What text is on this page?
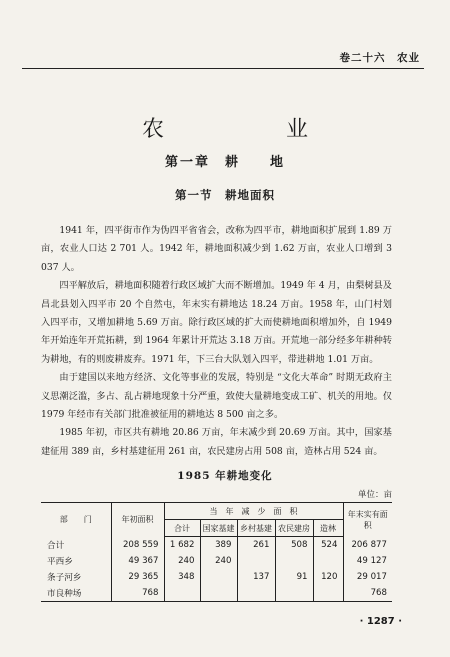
卷二十六　农业
农　　业
第一章　耕　　地
第一节　耕地面积

1941 年，四平街市作为伪四平省省会，改称为四平市，耕地面积扩展到 1.89 万亩，农业人口达 2 701 人。1942 年，耕地面积减少到 1.62 万亩，农业人口增到 3 037 人。

四平解放后，耕地面积随着行政区域扩大而不断增加。1949 年 4 月，由梨树县及昌北县划入四平市 20 个自然屯，年末实有耕地达 18.24 万亩。1958 年，山门村划入四平市，又增加耕地 5.69 万亩。除行政区域的扩大而使耕地面积增加外，自 1949 年开始连年开荒拓耕，到 1964 年累计开荒达 3.18 万亩。开荒地一部分经多年耕种转为耕地，有的则废耕废弃。1971 年，下三台大队划入四平，带进耕地 1.01 万亩。

由于建国以来地方经济、文化等事业的发展，特别是 “文化大革命” 时期无政府主义思潮泛滥，多占、乱占耕地现象十分严重，致使大量耕地变成工矿、机关的用地。仅 1979 年经市有关部门批准被征用的耕地达 8 500 亩之多。

1985 年初，市区共有耕地 20.86 万亩，年末减少到 20.69 万亩。其中，国家基建征用 389 亩，乡村基建征用 261 亩，农民建房占用 508 亩，造林占用 524 亩。

1985 年耕地变化
单位：亩
部　　门	年初面积	当　年　减　少　面　积					年末实有面　积
		合计	国家基建	乡村基建	农民建房	造林	
合计	208 559	1 682	389	261	508	524	206 877
平西乡	49 367	240	240				49 127
条子河乡	29 365	348		137	91	120	29 017
市良种场	768						768
· 1287 ·
